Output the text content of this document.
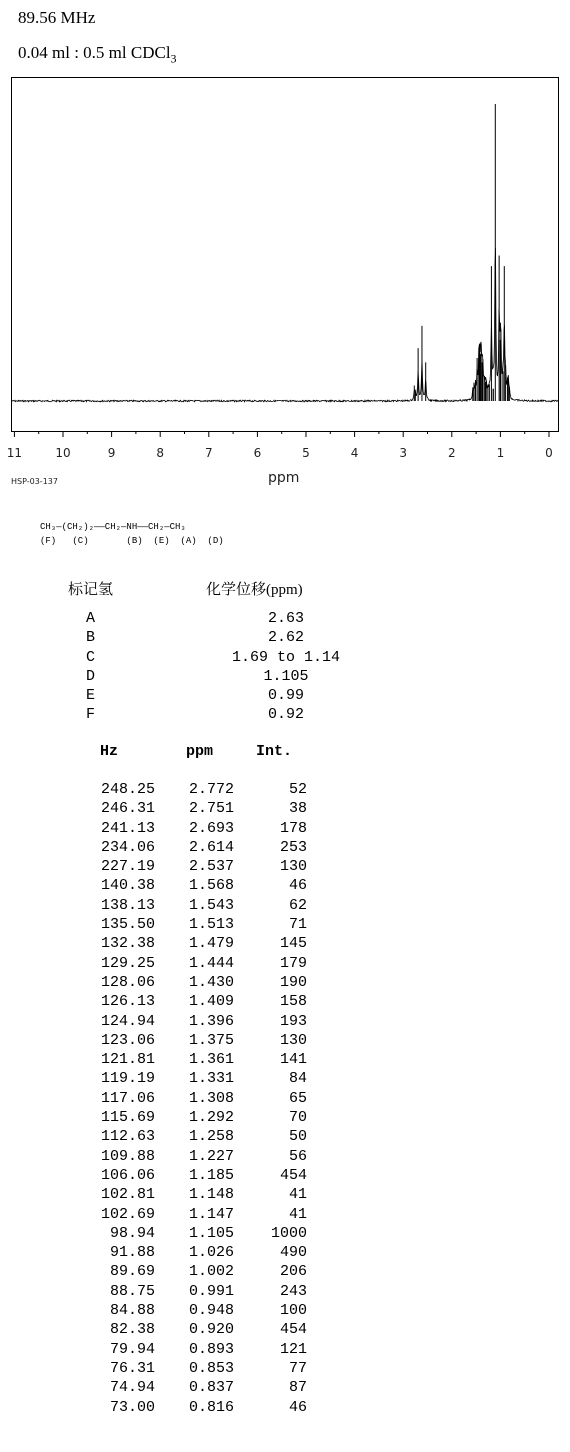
89.56 MHz
0.04 ml : 0.5 ml CDCl$_3$
11	10	9	8	7	6	5	4	3	2	1	0
HSP-03-137	ppm
CH₃—(CH₂)₂——CH₂—NH——CH₂—CH₃
(F)   (C)       (B)  (E)  (A)  (D)
标记氢	化学位移(ppm)
A	2.63
B	2.62
C	1.69 to 1.14
D	1.105
E	0.99
F	0.92
Hz	ppm	Int.
248.25 2.772	52
246.31 2.751	38
241.13 2.693	178
234.06 2.614	253
227.19 2.537	130
140.38 1.568	46
138.13 1.543	62
135.50 1.513	71
132.38 1.479	145
129.25 1.444	179
128.06 1.430	190
126.13 1.409	158
124.94 1.396	193
123.06 1.375	130
121.81 1.361	141
119.19 1.331	84
117.06 1.308	65
115.69 1.292	70
112.63 1.258	50
109.88 1.227	56
106.06 1.185	454
102.81 1.148	41
102.69 1.147	41
98.94 1.105 1000
91.88 1.026	490
89.69 1.002	206
88.75 0.991	243
84.88 0.948	100
82.38 0.920	454
79.94 0.893	121
76.31 0.853	77
74.94 0.837	87
73.00 0.816	46
